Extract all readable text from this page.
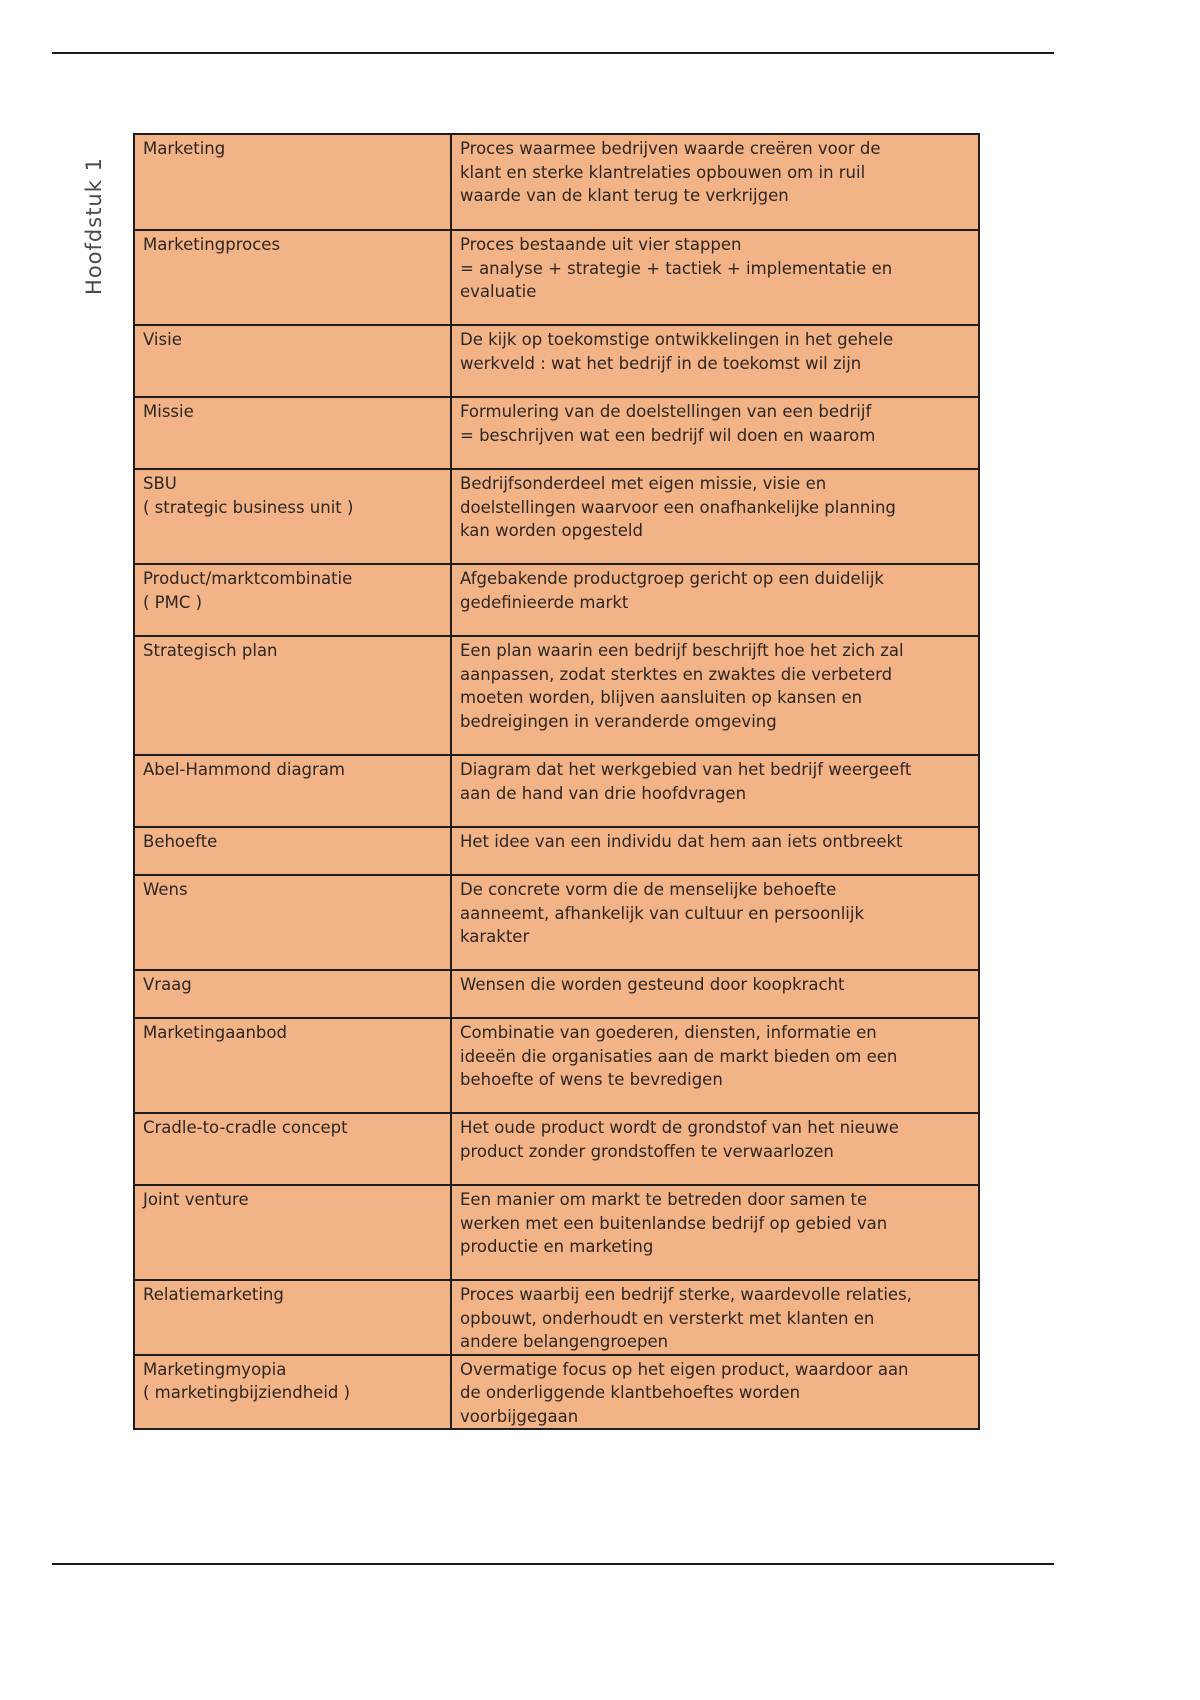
Hoofdstuk 1
Marketing	Proces waarmee bedrijven waarde creëren voor de
klant en sterke klantrelaties opbouwen om in ruil
waarde van de klant terug te verkrijgen
Marketingproces	Proces bestaande uit vier stappen
= analyse + strategie + tactiek + implementatie en
evaluatie
Visie	De kijk op toekomstige ontwikkelingen in het gehele
werkveld : wat het bedrijf in de toekomst wil zijn
Missie	Formulering van de doelstellingen van een bedrijf
= beschrijven wat een bedrijf wil doen en waarom
SBU
( strategic business unit )	Bedrijfsonderdeel met eigen missie, visie en
doelstellingen waarvoor een onafhankelijke planning
kan worden opgesteld
Product/marktcombinatie
( PMC )	Afgebakende productgroep gericht op een duidelijk
gedefinieerde markt
Strategisch plan	Een plan waarin een bedrijf beschrijft hoe het zich zal
aanpassen, zodat sterktes en zwaktes die verbeterd
moeten worden, blijven aansluiten op kansen en
bedreigingen in veranderde omgeving
Abel-Hammond diagram	Diagram dat het werkgebied van het bedrijf weergeeft
aan de hand van drie hoofdvragen
Behoefte	Het idee van een individu dat hem aan iets ontbreekt
Wens	De concrete vorm die de menselijke behoefte
aanneemt, afhankelijk van cultuur en persoonlijk
karakter
Vraag	Wensen die worden gesteund door koopkracht
Marketingaanbod	Combinatie van goederen, diensten, informatie en
ideeën die organisaties aan de markt bieden om een
behoefte of wens te bevredigen
Cradle-to-cradle concept	Het oude product wordt de grondstof van het nieuwe
product zonder grondstoffen te verwaarlozen
Joint venture	Een manier om markt te betreden door samen te
werken met een buitenlandse bedrijf op gebied van
productie en marketing
Relatiemarketing	Proces waarbij een bedrijf sterke, waardevolle relaties,
opbouwt, onderhoudt en versterkt met klanten en
andere belangengroepen
Marketingmyopia
( marketingbijziendheid )	Overmatige focus op het eigen product, waardoor aan
de onderliggende klantbehoeftes worden
voorbijgegaan
